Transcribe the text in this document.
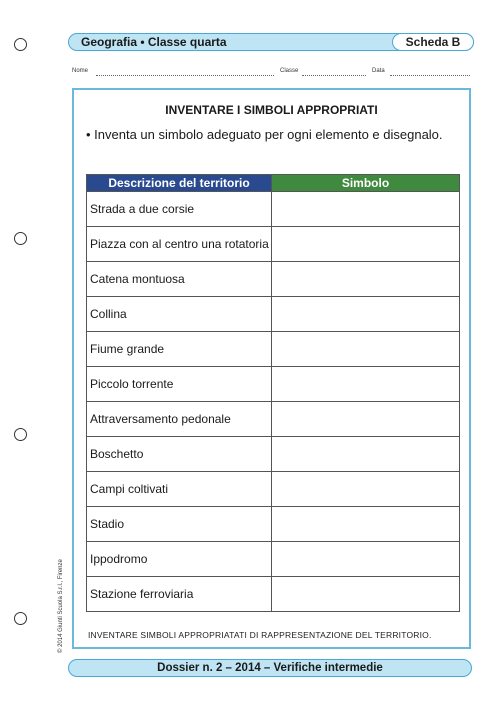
Geografia • Classe quarta	Scheda B
Nome	Classe	Data
INVENTARE I SIMBOLI APPROPRIATI
• Inventa un simbolo adeguato per ogni elemento e disegnalo.
Descrizione del territorio	Simbolo
Strada a due corsie	
Piazza con al centro una rotatoria	
Catena montuosa	
Collina	
Fiume grande	
Piccolo torrente	
Attraversamento pedonale	
Boschetto	
Campi coltivati	
Stadio	
Ippodromo	
Stazione ferroviaria	
INVENTARE SIMBOLI APPROPRIATATI DI RAPPRESENTAZIONE DEL TERRITORIO.
© 2014 Giunti Scuola S.r.l., Firenze
Dossier n. 2 – 2014 – Verifiche intermedie
